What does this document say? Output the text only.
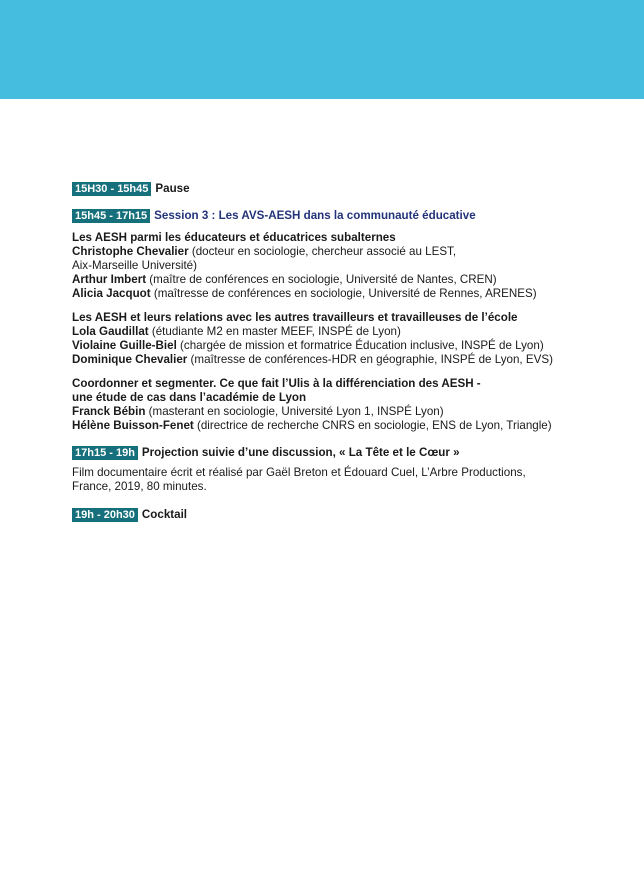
15H30 - 15h45 Pause
15h45 - 17h15 Session 3 : Les AVS-AESH dans la communauté éducative
Les AESH parmi les éducateurs et éducatrices subalternes
Christophe Chevalier (docteur en sociologie, chercheur associé au LEST,
Aix-Marseille Université)
Arthur Imbert (maître de conférences en sociologie, Université de Nantes, CREN)
Alicia Jacquot (maîtresse de conférences en sociologie, Université de Rennes, ARENES)
Les AESH et leurs relations avec les autres travailleurs et travailleuses de l’école
Lola Gaudillat (étudiante M2 en master MEEF, INSPÉ de Lyon)
Violaine Guille-Biel (chargée de mission et formatrice Éducation inclusive, INSPÉ de Lyon)
Dominique Chevalier (maîtresse de conférences-HDR en géographie, INSPÉ de Lyon, EVS)
Coordonner et segmenter. Ce que fait l’Ulis à la différenciation des AESH -
une étude de cas dans l’académie de Lyon
Franck Bébin (masterant en sociologie, Université Lyon 1, INSPÉ Lyon)
Hélène Buisson-Fenet (directrice de recherche CNRS en sociologie, ENS de Lyon, Triangle)
17h15 - 19h Projection suivie d’une discussion, « La Tête et le Cœur »
Film documentaire écrit et réalisé par Gaël Breton et Édouard Cuel, L’Arbre Productions,
France, 2019, 80 minutes.
19h - 20h30 Cocktail
